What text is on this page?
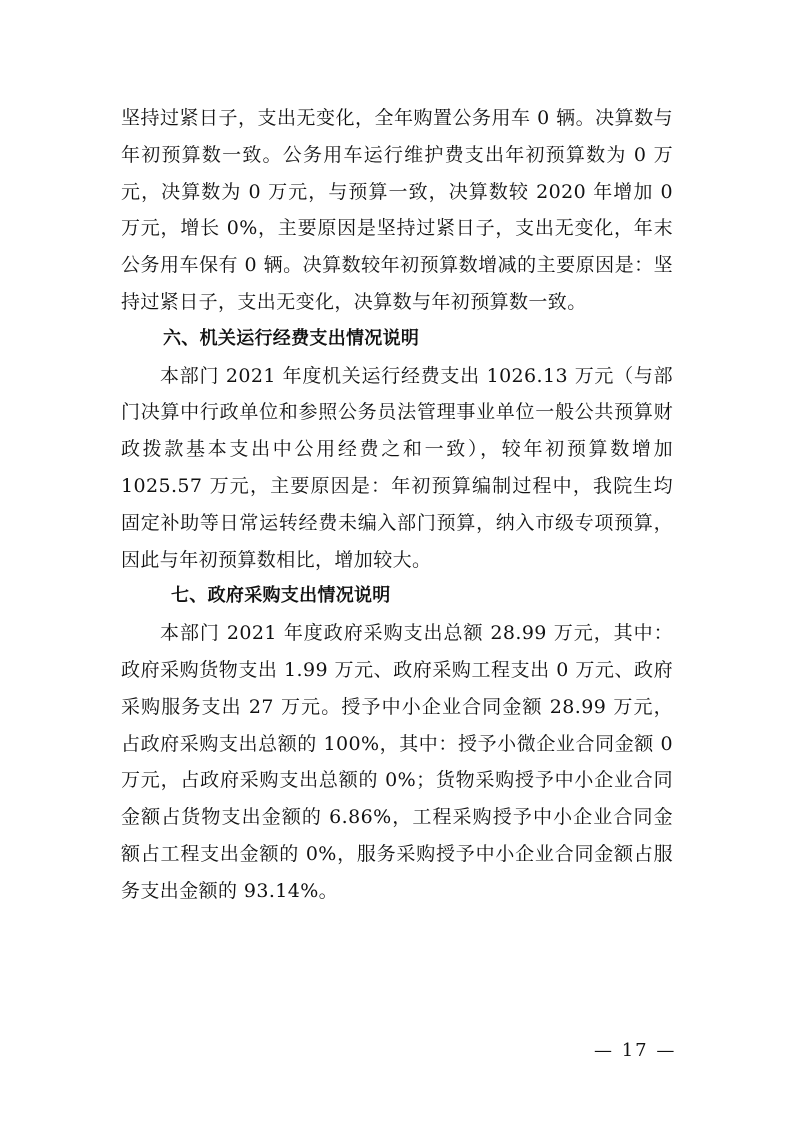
坚持过紧日子，支出无变化，全年购置公务用车 0 辆。决算数与年初预算数一致。公务用车运行维护费支出年初预算数为 0 万元，决算数为 0 万元，与预算一致，决算数较 2020 年增加 0 万元，增长 0%，主要原因是坚持过紧日子，支出无变化，年末公务用车保有 0 辆。决算数较年初预算数增减的主要原因是：坚持过紧日子，支出无变化，决算数与年初预算数一致。

六、机关运行经费支出情况说明

本部门 2021 年度机关运行经费支出 1026.13 万元（与部门决算中行政单位和参照公务员法管理事业单位一般公共预算财政拨款基本支出中公用经费之和一致），较年初预算数增加 1025.57 万元，主要原因是：年初预算编制过程中，我院生均固定补助等日常运转经费未编入部门预算，纳入市级专项预算，因此与年初预算数相比，增加较大。

七、政府采购支出情况说明

本部门 2021 年度政府采购支出总额 28.99 万元，其中：政府采购货物支出 1.99 万元、政府采购工程支出 0 万元、政府采购服务支出 27 万元。授予中小企业合同金额 28.99 万元，占政府采购支出总额的 100%，其中：授予小微企业合同金额 0 万元，占政府采购支出总额的 0%；货物采购授予中小企业合同金额占货物支出金额的 6.86%，工程采购授予中小企业合同金额占工程支出金额的 0%，服务采购授予中小企业合同金额占服务支出金额的 93.14%。

— 17 —
